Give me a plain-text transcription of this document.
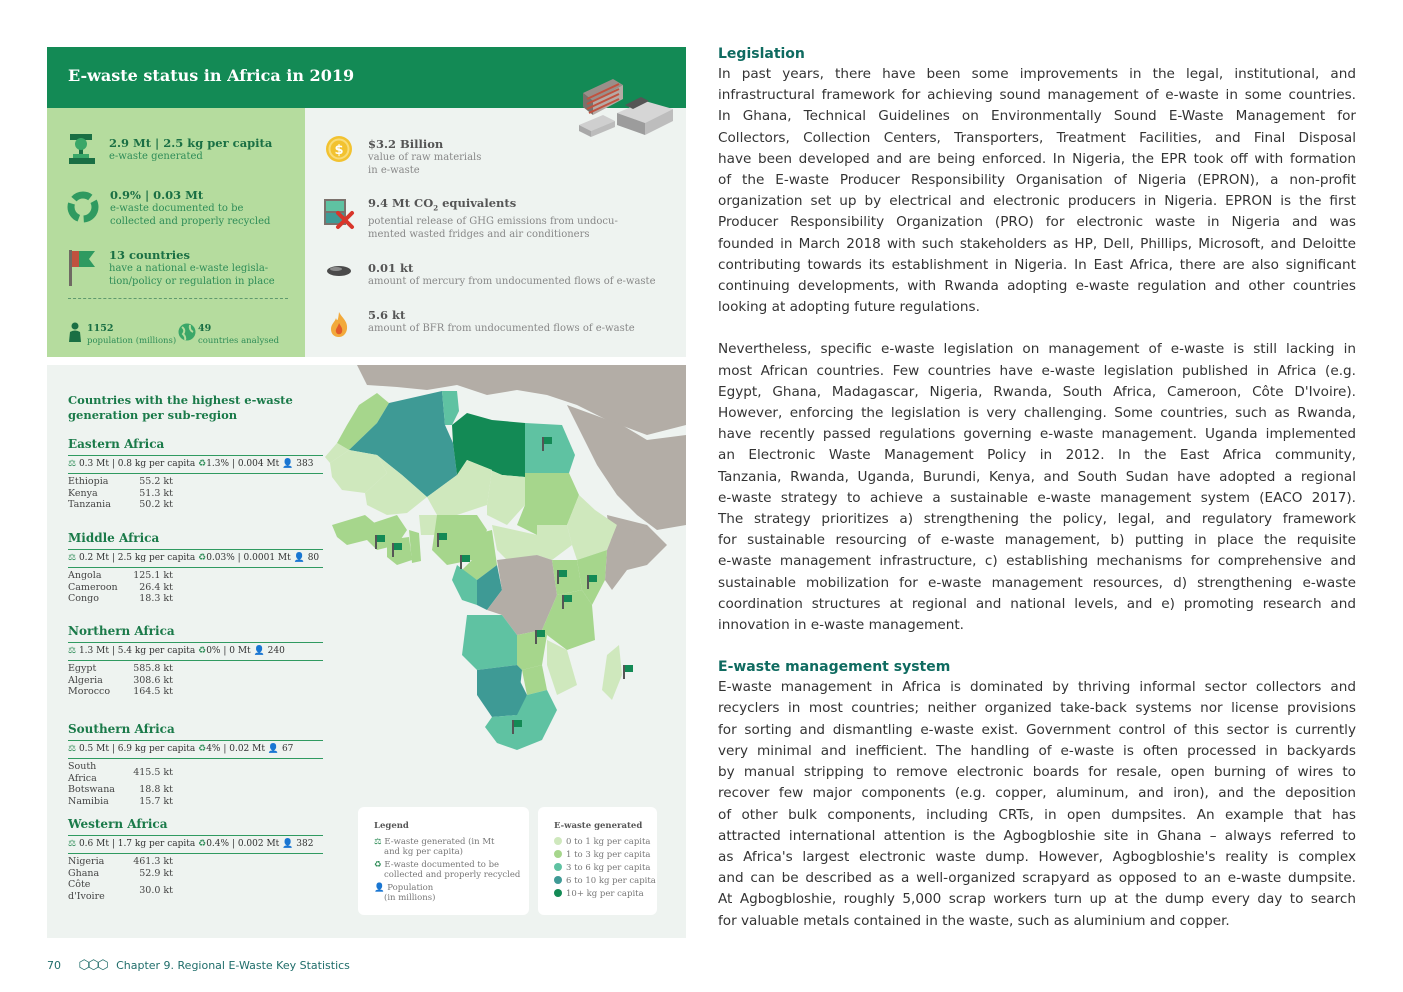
E-waste status in Africa in 2019
2.9 Mt | 2.5 kg per capita
e-waste generated
0.9% | 0.03 Mt
e-waste documented to be
collected and properly recycled
13 countries
have a national e-waste legisla-
tion/policy or regulation in place
1152
population (millions)
49
countries analysed
$ $3.2 Billion
value of raw materials
in e-waste
9.4 Mt $CO_2$ equivalents
potential release of GHG emissions from undocu-
mented wasted fridges and air conditioners
0.01 kt
amount of mercury from undocumented flows of e-waste
5.6 kt
amount of BFR from undocumented flows of e-waste
Countries with the highest e-waste generation per sub-region
Eastern Africa
⚖ 0.3 Mt | 0.8 kg per capita ♻1.3% | 0.004 Mt 👤 383
Ethiopia	55.2 kt
Kenya	51.3 kt
Tanzania	50.2 kt
Middle Africa
⚖ 0.2 Mt | 2.5 kg per capita ♻0.03% | 0.0001 Mt 👤 80
Angola	125.1 kt
Cameroon	26.4 kt
Congo	18.3 kt
Northern Africa
⚖ 1.3 Mt | 5.4 kg per capita ♻0% | 0 Mt 👤 240
Egypt	585.8 kt
Algeria	308.6 kt
Morocco	164.5 kt
Southern Africa
⚖ 0.5 Mt | 6.9 kg per capita ♻4% | 0.02 Mt 👤 67
South Africa	415.5 kt
Botswana	18.8 kt
Namibia	15.7 kt
Western Africa
⚖ 0.6 Mt | 1.7 kg per capita ♻0.4% | 0.002 Mt 👤 382
Nigeria	461.3 kt
Ghana	52.9 kt
Côte d'Ivoire	30.0 kt
Legend
⚖ E-waste generated (in Mt
and kg per capita)
♻ E-waste documented to be
collected and properly recycled
👤 Population
(in millions)
E-waste generated
0 to 1 kg per capita
1 to 3 kg per capita
3 to 6 kg per capita
6 to 10 kg per capita
10+ kg per capita
Legislation

In past years, there have been some improvements in the legal, institutional, and

infrastructural framework for achieving sound management of e-waste in some countries.

In Ghana, Technical Guidelines on Environmentally Sound E-Waste Management for

Collectors, Collection Centers, Transporters, Treatment Facilities, and Final Disposal

have been developed and are being enforced. In Nigeria, the EPR took off with formation

of the E-waste Producer Responsibility Organisation of Nigeria (EPRON), a non-profit

organization set up by electrical and electronic producers in Nigeria. EPRON is the first

Producer Responsibility Organization (PRO) for electronic waste in Nigeria and was

founded in March 2018 with such stakeholders as HP, Dell, Phillips, Microsoft, and Deloitte

contributing towards its establishment in Nigeria. In East Africa, there are also significant

continuing developments, with Rwanda adopting e-waste regulation and other countries

looking at adopting future regulations.

Nevertheless, specific e-waste legislation on management of e-waste is still lacking in

most African countries. Few countries have e-waste legislation published in Africa (e.g.

Egypt, Ghana, Madagascar, Nigeria, Rwanda, South Africa, Cameroon, Côte D'Ivoire).

However, enforcing the legislation is very challenging. Some countries, such as Rwanda,

have recently passed regulations governing e-waste management. Uganda implemented

an Electronic Waste Management Policy in 2012. In the East Africa community,

Tanzania, Rwanda, Uganda, Burundi, Kenya, and South Sudan have adopted a regional

e-waste strategy to achieve a sustainable e-waste management system (EACO 2017).

The strategy prioritizes a) strengthening the policy, legal, and regulatory framework

for sustainable resourcing of e-waste management, b) putting in place the requisite

e-waste management infrastructure, c) establishing mechanisms for comprehensive and

sustainable mobilization for e-waste management resources, d) strengthening e-waste

coordination structures at regional and national levels, and e) promoting research and

innovation in e-waste management.

E-waste management system

E-waste management in Africa is dominated by thriving informal sector collectors and

recyclers in most countries; neither organized take-back systems nor license provisions

for sorting and dismantling e-waste exist. Government control of this sector is currently

very minimal and inefficient. The handling of e-waste is often processed in backyards

by manual stripping to remove electronic boards for resale, open burning of wires to

recover few major components (e.g. copper, aluminum, and iron), and the deposition

of other bulk components, including CRTs, in open dumpsites. An example that has

attracted international attention is the Agbogbloshie site in Ghana – always referred to

as Africa's largest electronic waste dump. However, Agbogbloshie's reality is complex

and can be described as a well-organized scrapyard as opposed to an e-waste dumpsite.

At Agbogbloshie, roughly 5,000 scrap workers turn up at the dump every day to search

for valuable metals contained in the waste, such as aluminium and copper.

70 ⬡⬡⬡ Chapter 9. Regional E-Waste Key Statistics
